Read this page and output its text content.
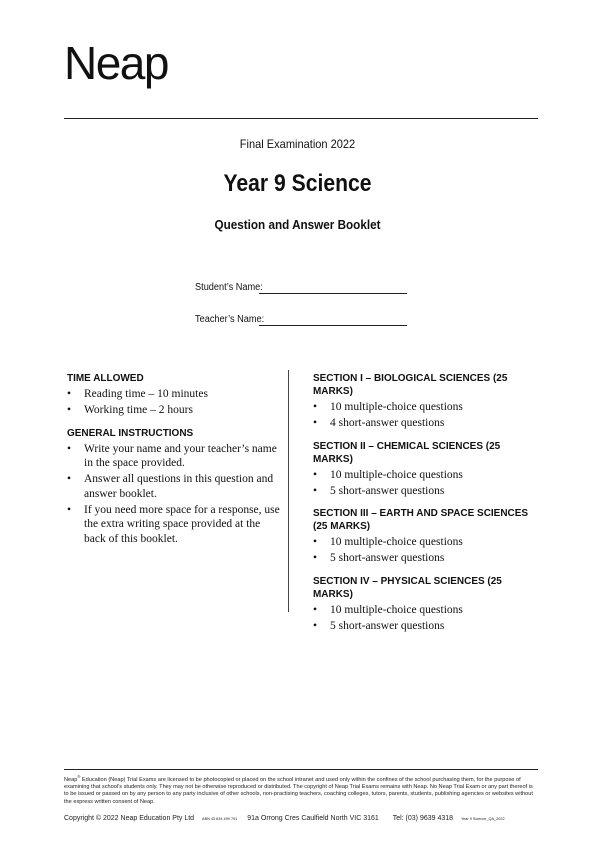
Neap
Final Examination 2022
Year 9 Science
Question and Answer Booklet
Student’s Name:
Teacher’s Name:
TIME ALLOWED
• Reading time – 10 minutes
• Working time – 2 hours
GENERAL INSTRUCTIONS
• Write your name and your teacher’s name in the space provided.
• Answer all questions in this question and answer booklet.
• If you need more space for a response, use the extra writing space provided at the back of this booklet.
SECTION I – BIOLOGICAL SCIENCES (25 MARKS)
• 10 multiple-choice questions
• 4 short-answer questions
SECTION II – CHEMICAL SCIENCES (25 MARKS)
• 10 multiple-choice questions
• 5 short-answer questions
SECTION III – EARTH AND SPACE SCIENCES (25 MARKS)
• 10 multiple-choice questions
• 5 short-answer questions
SECTION IV – PHYSICAL SCIENCES (25 MARKS)
• 10 multiple-choice questions
• 5 short-answer questions
Neap® Education (Neap) Trial Exams are licensed to be photocopied or placed on the school intranet and used only within the confines of the school purchasing them, for the purpose of examining that school’s students only. They may not be otherwise reproduced or distributed. The copyright of Neap Trial Exams remains with Neap. No Neap Trial Exam or any part thereof is to be issued or passed on by any person to any party inclusive of other schools, non-practising teachers, coaching colleges, tutors, parents, students, publishing agencies or websites without the express written consent of Neap.
Copyright © 2022 Neap Education Pty Ltd ABN 43 634 499 791 91a Orrong Cres Caulfield North VIC 3161 Tel: (03) 9639 4318 Year 9 Science_QA_2022
